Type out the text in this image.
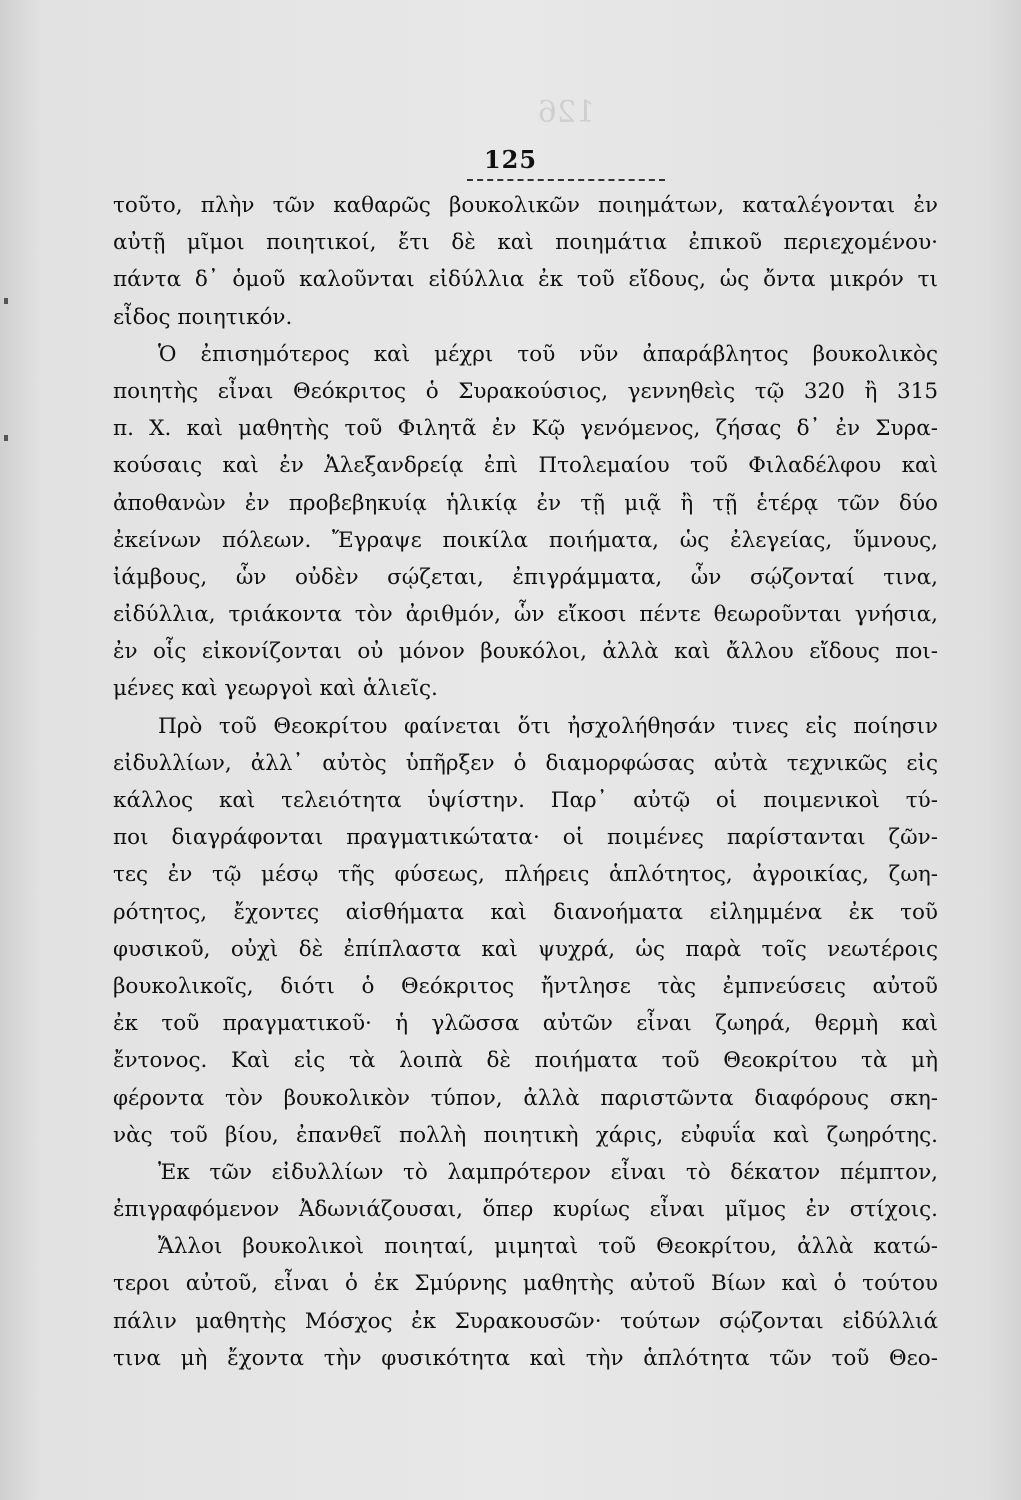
126
125
τοῦτο, πλὴν τῶν καθαρῶς βουκολικῶν ποιημάτων, καταλέγονται ἐν
αὐτῇ μῖμοι ποιητικοί, ἔτι δὲ καὶ ποιημάτια ἐπικοῦ περιεχομένου·
πάντα δ᾽ ὁμοῦ καλοῦνται εἰδύλλια ἐκ τοῦ εἴδους, ὡς ὄντα μικρόν τι
εἶδος ποιητικόν.
Ὁ ἐπισημότερος καὶ μέχρι τοῦ νῦν ἀπαράβλητος βουκολικὸς
ποιητὴς εἶναι Θεόκριτος ὁ Συρακούσιος, γεννηθεὶς τῷ 320 ἢ 315
π. Χ. καὶ μαθητὴς τοῦ Φιλητᾶ ἐν Κῷ γενόμενος, ζήσας δ᾽ ἐν Συρα-
κούσαις καὶ ἐν Ἀλεξανδρείᾳ ἐπὶ Πτολεμαίου τοῦ Φιλαδέλφου καὶ
ἀποθανὼν ἐν προβεβηκυίᾳ ἡλικίᾳ ἐν τῇ μιᾷ ἢ τῇ ἑτέρᾳ τῶν δύο
ἐκείνων πόλεων. Ἔγραψε ποικίλα ποιήματα, ὡς ἐλεγείας, ὕμνους,
ἰάμβους, ὧν οὐδὲν σῴζεται, ἐπιγράμματα, ὧν σῴζονταί τινα,
εἰδύλλια, τριάκοντα τὸν ἀριθμόν, ὧν εἴκοσι πέντε θεωροῦνται γνήσια,
ἐν οἷς εἰκονίζονται οὐ μόνον βουκόλοι, ἀλλὰ καὶ ἄλλου εἴδους ποι-
μένες καὶ γεωργοὶ καὶ ἁλιεῖς.
Πρὸ τοῦ Θεοκρίτου φαίνεται ὅτι ἠσχολήθησάν τινες εἰς ποίησιν
εἰδυλλίων, ἀλλ᾽ αὐτὸς ὑπῆρξεν ὁ διαμορφώσας αὐτὰ τεχνικῶς εἰς
κάλλος καὶ τελειότητα ὑψίστην. Παρ᾽ αὐτῷ οἱ ποιμενικοὶ τύ-
ποι διαγράφονται πραγματικώτατα· οἱ ποιμένες παρίστανται ζῶν-
τες ἐν τῷ μέσῳ τῆς φύσεως, πλήρεις ἁπλότητος, ἀγροικίας, ζωη-
ρότητος, ἔχοντες αἰσθήματα καὶ διανοήματα εἰλημμένα ἐκ τοῦ
φυσικοῦ, οὐχὶ δὲ ἐπίπλαστα καὶ ψυχρά, ὡς παρὰ τοῖς νεωτέροις
βουκολικοῖς, διότι ὁ Θεόκριτος ἤντλησε τὰς ἐμπνεύσεις αὐτοῦ
ἐκ τοῦ πραγματικοῦ· ἡ γλῶσσα αὐτῶν εἶναι ζωηρά, θερμὴ καὶ
ἔντονος. Καὶ εἰς τὰ λοιπὰ δὲ ποιήματα τοῦ Θεοκρίτου τὰ μὴ
φέροντα τὸν βουκολικὸν τύπον, ἀλλὰ παριστῶντα διαφόρους σκη-
νὰς τοῦ βίου, ἐπανθεῖ πολλὴ ποιητικὴ χάρις, εὐφυΐα καὶ ζωηρότης.
Ἐκ τῶν εἰδυλλίων τὸ λαμπρότερον εἶναι τὸ δέκατον πέμπτον,
ἐπιγραφόμενον Ἀδωνιάζουσαι, ὅπερ κυρίως εἶναι μῖμος ἐν στίχοις.
Ἄλλοι βουκολικοὶ ποιηταί, μιμηταὶ τοῦ Θεοκρίτου, ἀλλὰ κατώ-
τεροι αὐτοῦ, εἶναι ὁ ἐκ Σμύρνης μαθητὴς αὐτοῦ Βίων καὶ ὁ τούτου
πάλιν μαθητὴς Μόσχος ἐκ Συρακουσῶν· τούτων σῴζονται εἰδύλλιά
τινα μὴ ἔχοντα τὴν φυσικότητα καὶ τὴν ἁπλότητα τῶν τοῦ Θεο-
